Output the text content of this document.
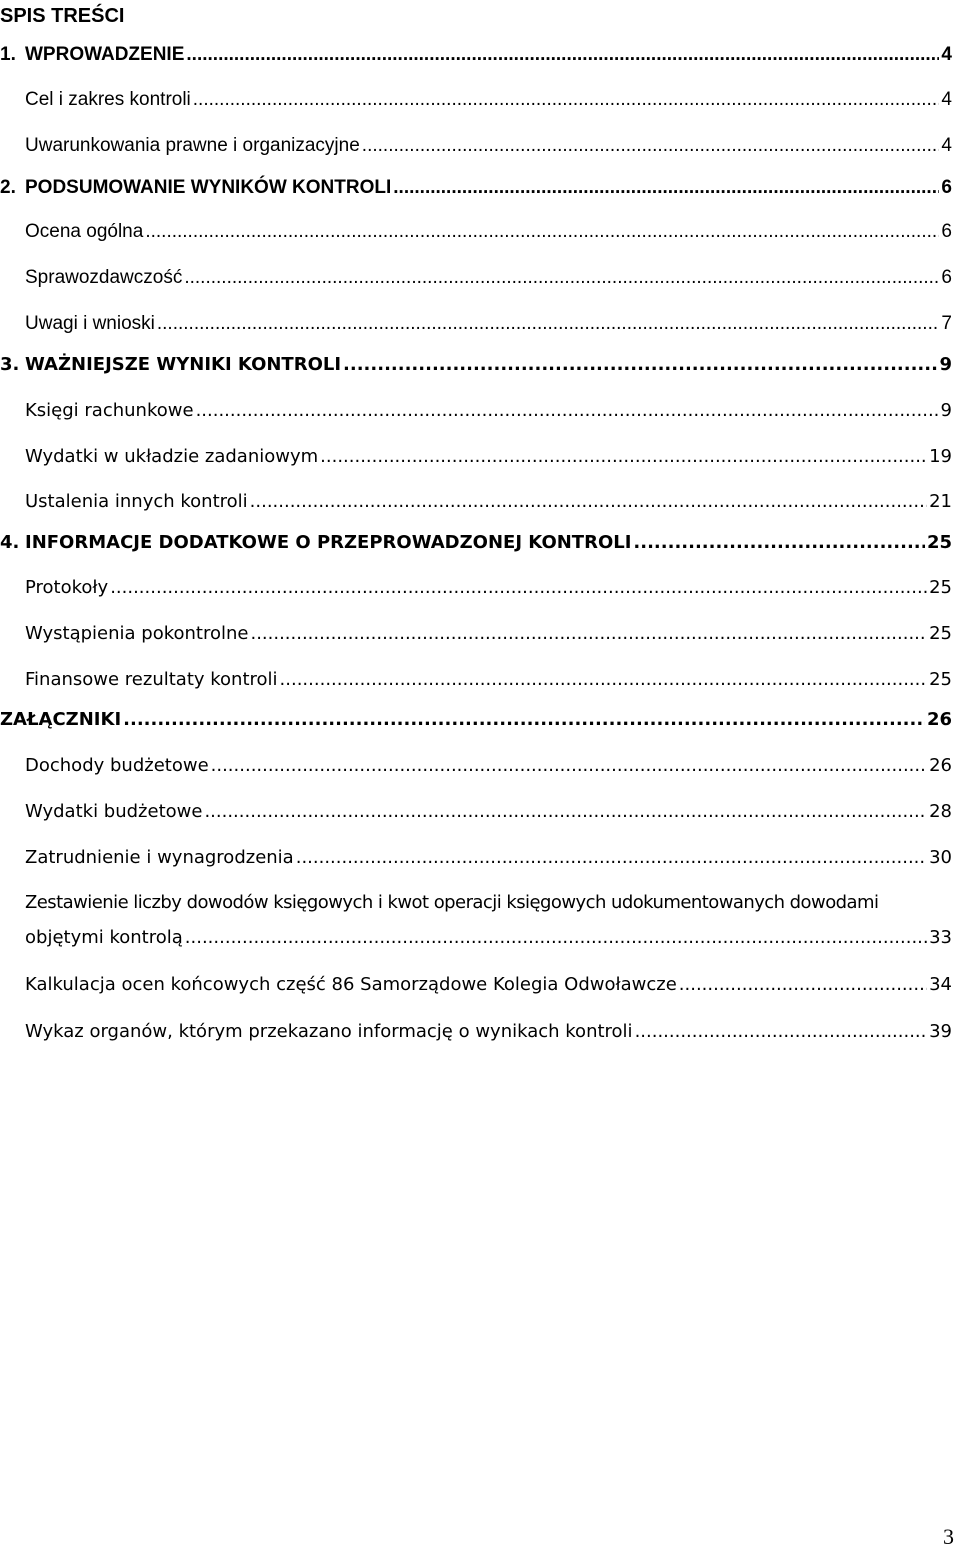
SPIS TREŚCI
1. WPROWADZENIE .....	4
Cel i zakres kontroli .....	4
Uwarunkowania prawne i organizacyjne .....	4
2. PODSUMOWANIE WYNIKÓW KONTROLI .....	6
Ocena ogólna .....	6
Sprawozdawczość .....	6
Uwagi i wnioski .....	7
3. WAŻNIEJSZE WYNIKI KONTROLI .....	9
Księgi rachunkowe .....	9
Wydatki w układzie zadaniowym .....	19
Ustalenia innych kontroli .....	21
4. INFORMACJE DODATKOWE O PRZEPROWADZONEJ KONTROLI .....	25
Protokoły .....	25
Wystąpienia pokontrolne .....	25
Finansowe rezultaty kontroli .....	25
ZAŁĄCZNIKI .....	26
Dochody budżetowe .....	26
Wydatki budżetowe .....	28
Zatrudnienie i wynagrodzenia .....	30
Zestawienie liczby dowodów księgowych i kwot operacji księgowych udokumentowanych dowodami
objętymi kontrolą .....	33
Kalkulacja ocen końcowych część 86 Samorządowe Kolegia Odwoławcze .....	34
Wykaz organów, którym przekazano informację o wynikach kontroli .....	39
3
